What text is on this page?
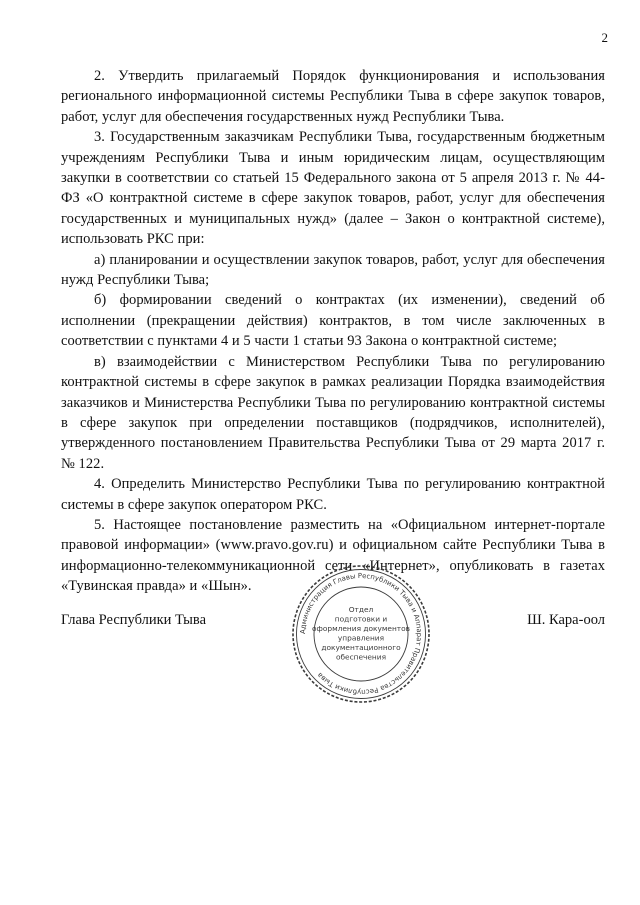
2

2. Утвердить прилагаемый Порядок функционирования и использования регионального информационной системы Республики Тыва в сфере закупок товаров, работ, услуг для обеспечения государственных нужд Республики Тыва.

3. Государственным заказчикам Республики Тыва, государственным бюджетным учреждениям Республики Тыва и иным юридическим лицам, осуществляющим закупки в соответствии со статьей 15 Федерального закона от 5 апреля 2013 г. № 44-ФЗ «О контрактной системе в сфере закупок товаров, работ, услуг для обеспечения государственных и муниципальных нужд» (далее – Закон о контрактной системе), использовать РКС при:

а) планировании и осуществлении закупок товаров, работ, услуг для обеспечения нужд Республики Тыва;

б) формировании сведений о контрактах (их изменении), сведений об исполнении (прекращении действия) контрактов, в том числе заключенных в соответствии с пунктами 4 и 5 части 1 статьи 93 Закона о контрактной системе;

в) взаимодействии с Министерством Республики Тыва по регулированию контрактной системы в сфере закупок в рамках реализации Порядка взаимодействия заказчиков и Министерства Республики Тыва по регулированию контрактной системы в сфере закупок при определении поставщиков (подрядчиков, исполнителей), утвержденного постановлением Правительства Республики Тыва от 29 марта 2017 г. № 122.

4. Определить Министерство Республики Тыва по регулированию контрактной системы в сфере закупок оператором РКС.

5. Настоящее постановление разместить на «Официальном интернет-портале правовой информации» (www.pravo.gov.ru) и официальном сайте Республики Тыва в информационно-телекоммуникационной сети «Интернет», опубликовать в газетах «Тувинская правда» и «Шын».

Глава Республики Тыва	Ш. Кара-оол
Администрация Главы Республики Тыва и Аппарат Правительства Республики Тыва
Отдел
подготовки и
оформления документов
управления
документационного
обеспечения
